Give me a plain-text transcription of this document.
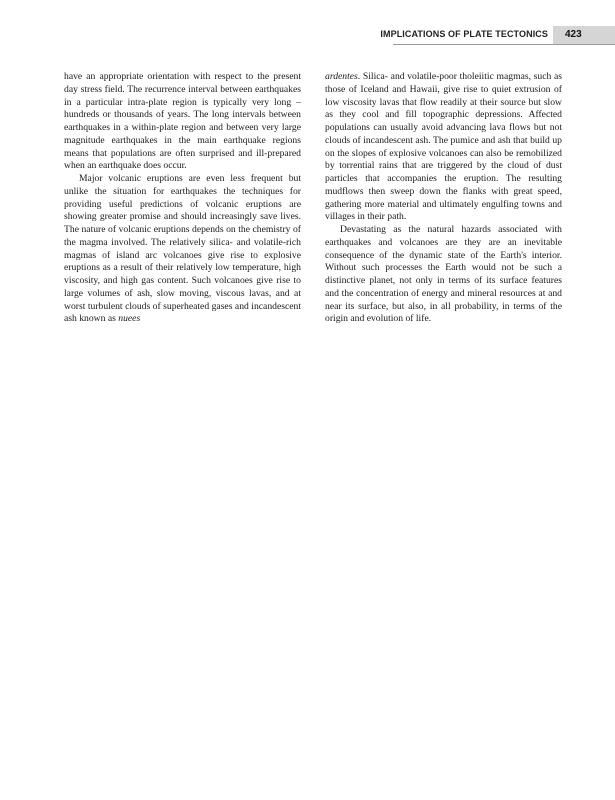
IMPLICATIONS OF PLATE TECTONICS 423

have an appropriate orientation with respect to the present day stress field. The recurrence interval between earthquakes in a particular intra-plate region is typically very long – hundreds or thousands of years. The long intervals between earthquakes in a within-plate region and between very large magnitude earthquakes in the main earthquake regions means that populations are often surprised and ill-prepared when an earthquake does occur.

Major volcanic eruptions are even less frequent but unlike the situation for earthquakes the techniques for providing useful predictions of volcanic eruptions are showing greater promise and should increasingly save lives. The nature of volcanic eruptions depends on the chemistry of the magma involved. The relatively silica- and volatile-rich magmas of island arc volcanoes give rise to explosive eruptions as a result of their relatively low temperature, high viscosity, and high gas content. Such volcanoes give rise to large volumes of ash, slow moving, viscous lavas, and at worst turbulent clouds of superheated gases and incandescent ash known as nuees

ardentes. Silica- and volatile-poor tholeiitic magmas, such as those of Iceland and Hawaii, give rise to quiet extrusion of low viscosity lavas that flow readily at their source but slow as they cool and fill topographic depressions. Affected populations can usually avoid advancing lava flows but not clouds of incandescent ash. The pumice and ash that build up on the slopes of explosive volcanoes can also be remobilized by torrential rains that are triggered by the cloud of dust particles that accompanies the eruption. The resulting mudflows then sweep down the flanks with great speed, gathering more material and ultimately engulfing towns and villages in their path.

Devastating as the natural hazards associated with earthquakes and volcanoes are they are an inevitable consequence of the dynamic state of the Earth's interior. Without such processes the Earth would not be such a distinctive planet, not only in terms of its surface features and the concentration of energy and mineral resources at and near its surface, but also, in all probability, in terms of the origin and evolution of life.
